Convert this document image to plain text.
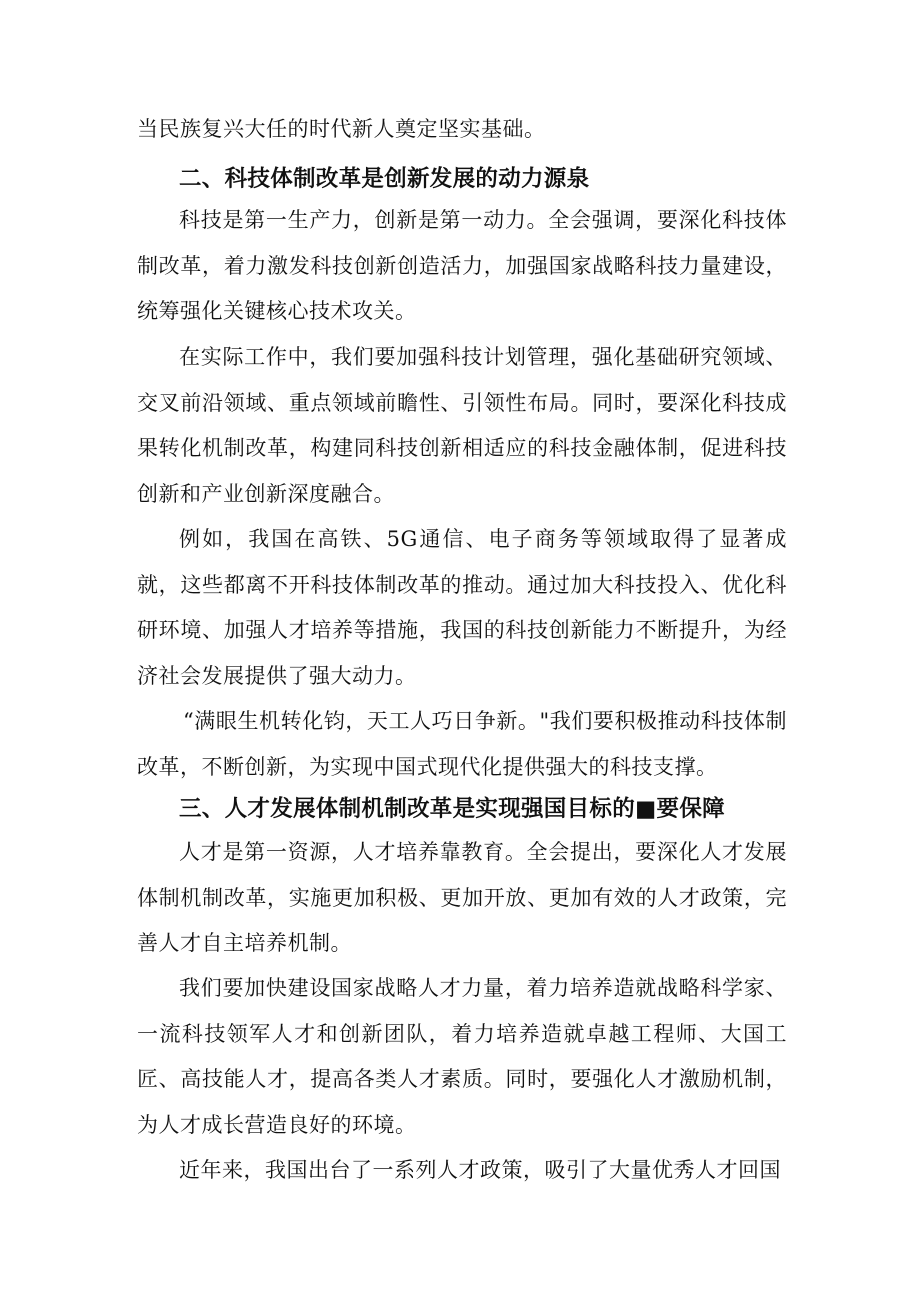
当民族复兴大任的时代新人奠定坚实基础。

二、科技体制改革是创新发展的动力源泉

科技是第一生产力，创新是第一动力。全会强调，要深化科技体制改革，着力激发科技创新创造活力，加强国家战略科技力量建设，统筹强化关键核心技术攻关。

在实际工作中，我们要加强科技计划管理，强化基础研究领域、交叉前沿领域、重点领域前瞻性、引领性布局。同时，要深化科技成果转化机制改革，构建同科技创新相适应的科技金融体制，促进科技创新和产业创新深度融合。

例如，我国在高铁、5G通信、电子商务等领域取得了显著成就，这些都离不开科技体制改革的推动。通过加大科技投入、优化科研环境、加强人才培养等措施，我国的科技创新能力不断提升，为经济社会发展提供了强大动力。

“满眼生机转化钧，天工人巧日争新。"我们要积极推动科技体制改革，不断创新，为实现中国式现代化提供强大的科技支撑。

三、人才发展体制机制改革是实现强国目标的■要保障

人才是第一资源，人才培养靠教育。全会提出，要深化人才发展体制机制改革，实施更加积极、更加开放、更加有效的人才政策，完善人才自主培养机制。

我们要加快建设国家战略人才力量，着力培养造就战略科学家、一流科技领军人才和创新团队，着力培养造就卓越工程师、大国工匠、高技能人才，提高各类人才素质。同时，要强化人才激励机制，为人才成长营造良好的环境。

近年来，我国出台了一系列人才政策，吸引了大量优秀人才回国
